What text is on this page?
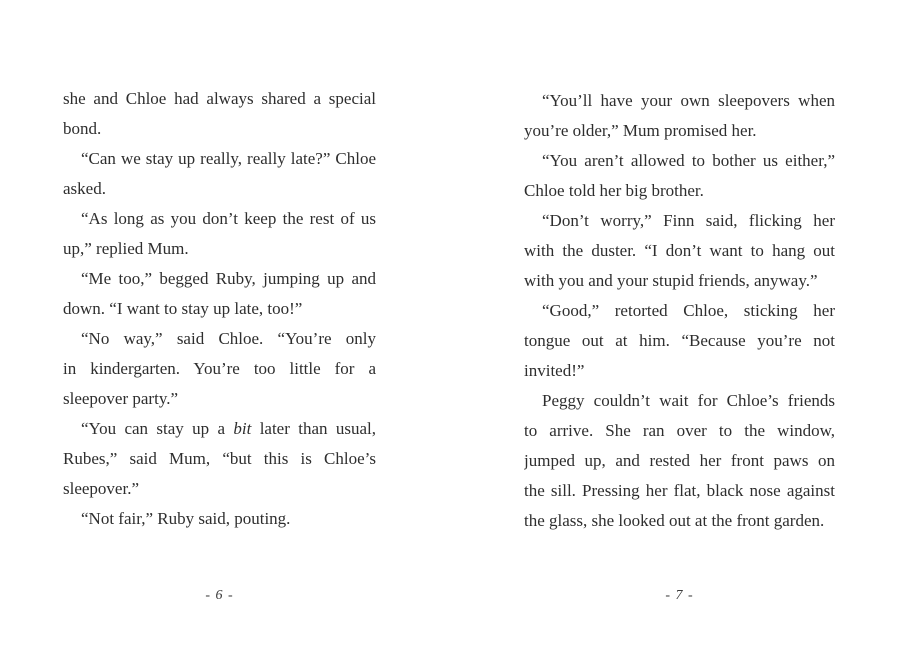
she and Chloe had always shared a special
bond.
“Can we stay up really, really late?” Chloe
asked.
“As long as you don’t keep the rest of us
up,” replied Mum.
“Me too,” begged Ruby, jumping up and
down. “I want to stay up late, too!”
“No way,” said Chloe. “You’re only
in kindergarten. You’re too little for a
sleepover party.”
“You can stay up a bit later than usual,
Rubes,” said Mum, “but this is Chloe’s
sleepover.”
“Not fair,” Ruby said, pouting.
“You’ll have your own sleepovers when
you’re older,” Mum promised her.
“You aren’t allowed to bother us either,”
Chloe told her big brother.
“Don’t worry,” Finn said, flicking her
with the duster. “I don’t want to hang out
with you and your stupid friends, anyway.”
“Good,” retorted Chloe, sticking her
tongue out at him. “Because you’re not
invited!”
Peggy couldn’t wait for Chloe’s friends
to arrive. She ran over to the window,
jumped up, and rested her front paws on
the sill. Pressing her flat, black nose against
the glass, she looked out at the front garden.
- 6 -	- 7 -
